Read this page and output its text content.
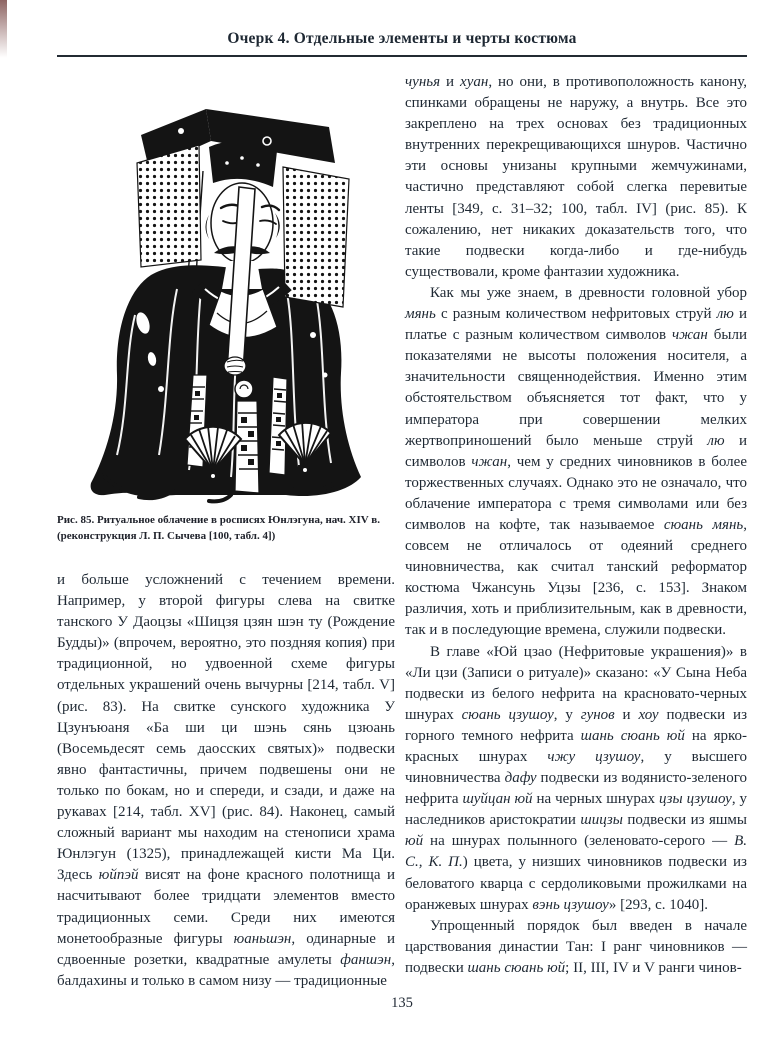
Очерк 4. Отдельные элементы и черты костюма
Рис. 85. Ритуальное облачение в росписях Юнлэгуна, нач. XIV в. (реконструкция Л. П. Сычева [100, табл. 4])

и больше усложнений с течением времени. Например, у второй фигуры слева на свитке танского У Даоцзы «Шицзя цзян шэн ту (Рождение Будды)» (впрочем, вероятно, это поздняя копия) при традиционной, но удвоенной схеме фигуры отдельных украшений очень вычурны [214, табл. V] (рис. 83). На свитке сунского художника У Цзунъюаня «Ба ши ци шэнь сянь цзюань (Восемьдесят семь даосских святых)» подвески явно фантастичны, причем подвешены они не только по бокам, но и спереди, и сзади, и даже на рукавах [214, табл. XV] (рис. 84). Наконец, самый сложный вариант мы находим на стенописи храма Юнлэгун (1325), принадлежащей кисти Ма Ци. Здесь юйпэй висят на фоне красного полотнища и насчитывают более тридцати элементов вместо традиционных семи. Среди них имеются монетообразные фигуры юаньшэн, одинарные и сдвоенные розетки, квадратные амулеты фаншэн, балдахины и только в самом низу — традиционные

чунья и хуан, но они, в противоположность канону, спинками обращены не наружу, а внутрь. Все это закреплено на трех основах без традиционных внутренних перекрещивающихся шнуров. Частично эти основы унизаны крупными жемчужинами, частично представляют собой слегка перевитые ленты [349, с. 31–32; 100, табл. IV] (рис. 85). К сожалению, нет никаких доказательств того, что такие подвески когда-либо и где-нибудь существовали, кроме фантазии художника.

Как мы уже знаем, в древности головной убор мянь с разным количеством нефритовых струй лю и платье с разным количеством символов чжан были показателями не высоты положения носителя, а значительности священнодействия. Именно этим обстоятельством объясняется тот факт, что у императора при совершении мелких жертвоприношений было меньше струй лю и символов чжан, чем у средних чиновников в более торжественных случаях. Однако это не означало, что облачение императора с тремя символами или без символов на кофте, так называемое сюань мянь, совсем не отличалось от одеяний среднего чиновничества, как считал танский реформатор костюма Чжансунь Уцзы [236, с. 153]. Знаком различия, хоть и приблизительным, как в древности, так и в последующие времена, служили подвески.

В главе «Юй цзао (Нефритовые украшения)» в «Ли цзи (Записи о ритуале)» сказано: «У Сына Неба подвески из белого нефрита на красновато-черных шнурах сюань цзушоу, у гунов и хоу подвески из горного темного нефрита шань сюань юй на ярко-красных шнурах чжу цзушоу, у высшего чиновничества дафу подвески из водянисто-зеленого нефрита шуйцан юй на черных шнурах цзы цзушоу, у наследников аристократии шицзы подвески из яшмы юй на шнурах полынного (зеленовато-серого — В. С., К. П.) цвета, у низших чиновников подвески из беловатого кварца с сердоликовыми прожилками на оранжевых шнурах вэнь цзушоу» [293, с. 1040].

Упрощенный порядок был введен в начале царствования династии Тан: I ранг чиновников — подвески шань сюань юй; II, III, IV и V ранги чинов-

135
